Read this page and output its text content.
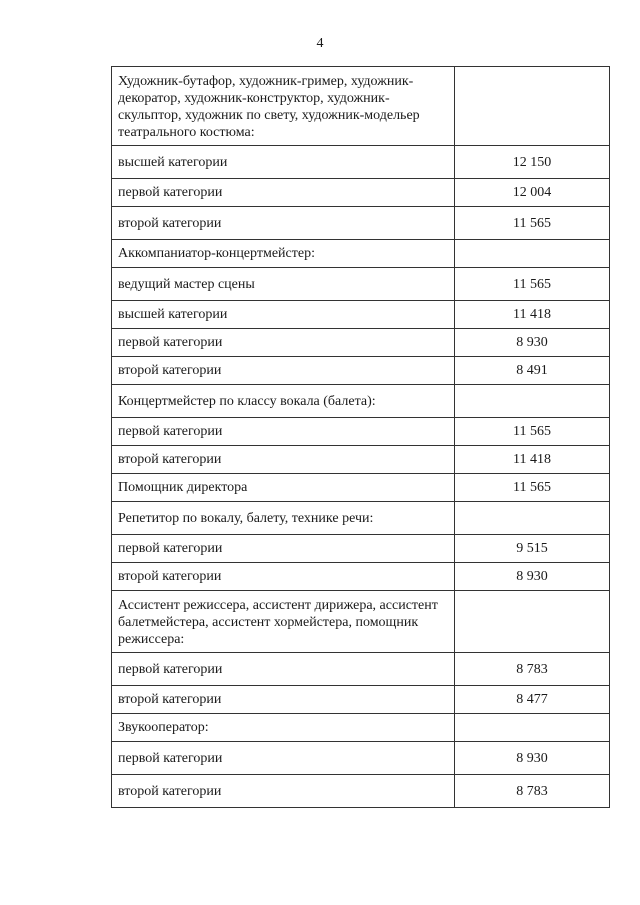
4
Художник-бутафор, художник-гример, художник-декоратор, художник-конструктор, художник-скульптор, художник по свету, художник-модельер театрального костюма:	
высшей категории	12 150
первой категории	12 004
второй категории	11 565
Аккомпаниатор-концертмейстер:	
ведущий мастер сцены	11 565
высшей категории	11 418
первой категории	8 930
второй категории	8 491
Концертмейстер по классу вокала (балета):	
первой категории	11 565
второй категории	11 418
Помощник директора	11 565
Репетитор по вокалу, балету, технике речи:	
первой категории	9 515
второй категории	8 930
Ассистент режиссера, ассистент дирижера, ассистент балетмейстера, ассистент хормейстера, помощник режиссера:	
первой категории	8 783
второй категории	8 477
Звукооператор:	
первой категории	8 930
второй категории	8 783
